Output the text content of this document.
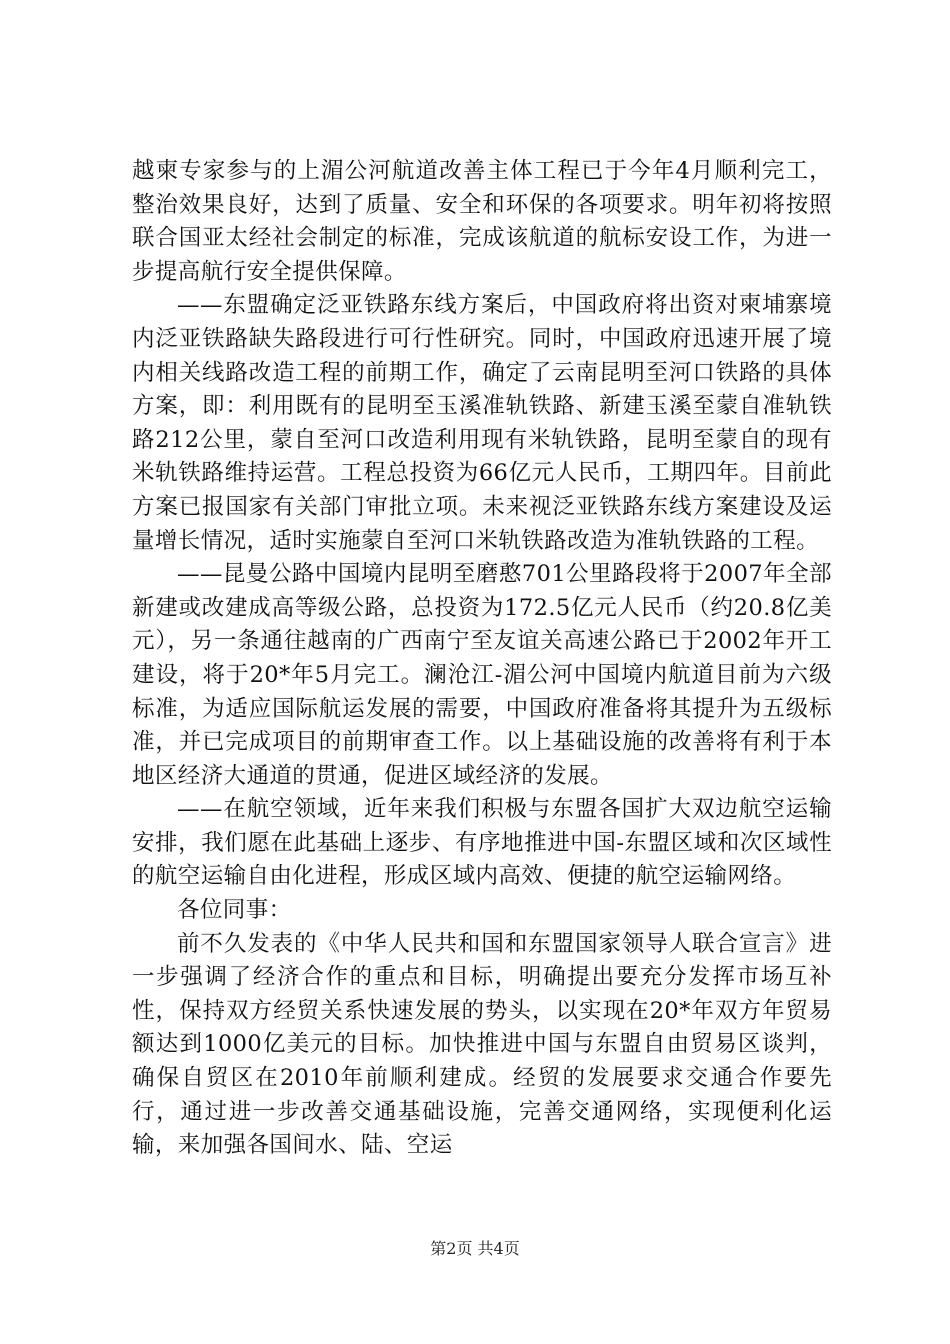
越柬专家参与的上湄公河航道改善主体工程已于今年4月顺利完工，整治效果良好，达到了质量、安全和环保的各项要求。明年初将按照联合国亚太经社会制定的标准，完成该航道的航标安设工作，为进一步提高航行安全提供保障。

——东盟确定泛亚铁路东线方案后，中国政府将出资对柬埔寨境内泛亚铁路缺失路段进行可行性研究。同时，中国政府迅速开展了境内相关线路改造工程的前期工作，确定了云南昆明至河口铁路的具体方案，即：利用既有的昆明至玉溪准轨铁路、新建玉溪至蒙自准轨铁路212公里，蒙自至河口改造利用现有米轨铁路，昆明至蒙自的现有米轨铁路维持运营。工程总投资为66亿元人民币，工期四年。目前此方案已报国家有关部门审批立项。未来视泛亚铁路东线方案建设及运量增长情况，适时实施蒙自至河口米轨铁路改造为准轨铁路的工程。

——昆曼公路中国境内昆明至磨憨701公里路段将于2007年全部新建或改建成高等级公路，总投资为172.5亿元人民币（约20.8亿美元），另一条通往越南的广西南宁至友谊关高速公路已于2002年开工建设，将于20*年5月完工。澜沧江-湄公河中国境内航道目前为六级标准，为适应国际航运发展的需要，中国政府准备将其提升为五级标准，并已完成项目的前期审查工作。以上基础设施的改善将有利于本地区经济大通道的贯通，促进区域经济的发展。

——在航空领域，近年来我们积极与东盟各国扩大双边航空运输安排，我们愿在此基础上逐步、有序地推进中国-东盟区域和次区域性的航空运输自由化进程，形成区域内高效、便捷的航空运输网络。

各位同事：

前不久发表的《中华人民共和国和东盟国家领导人联合宣言》进一步强调了经济合作的重点和目标，明确提出要充分发挥市场互补性，保持双方经贸关系快速发展的势头，以实现在20*年双方年贸易额达到1000亿美元的目标。加快推进中国与东盟自由贸易区谈判，确保自贸区在2010年前顺利建成。经贸的发展要求交通合作要先行，通过进一步改善交通基础设施，完善交通网络，实现便利化运输，来加强各国间水、陆、空运

第2页 共4页
